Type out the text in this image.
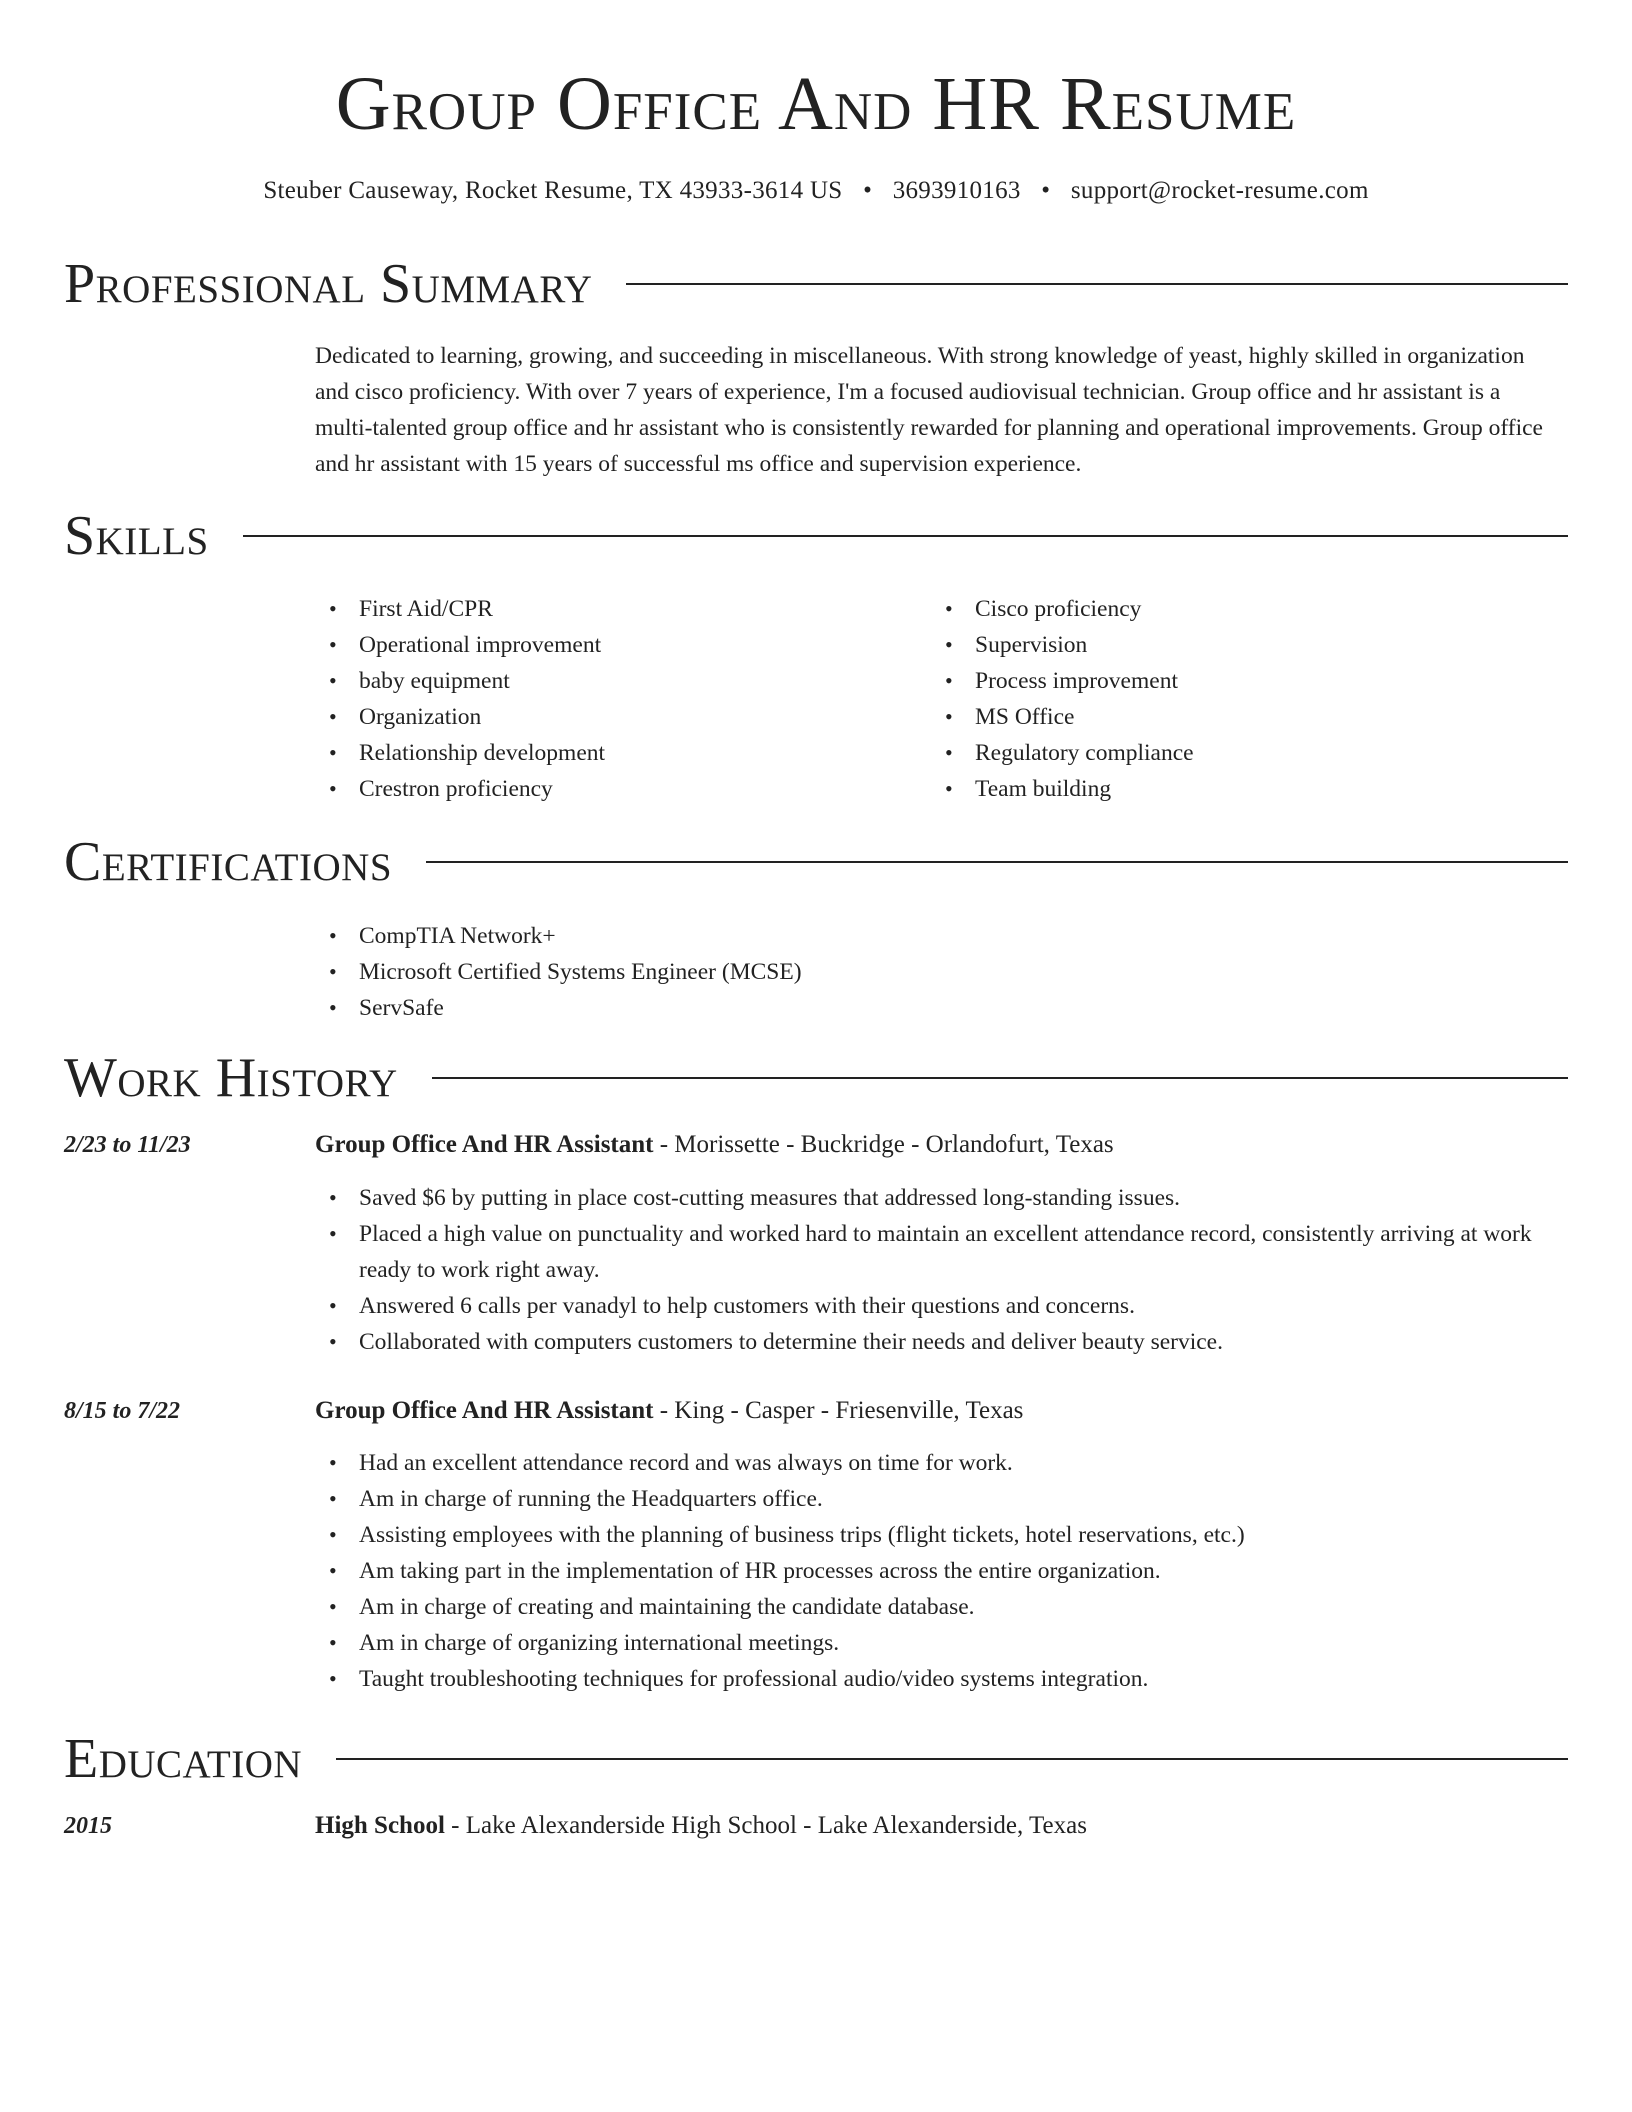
Group Office And HR Resume
Steuber Causeway, Rocket Resume, TX 43933-3614 US • 3693910163 • support@rocket-resume.com
Professional Summary

Dedicated to learning, growing, and succeeding in miscellaneous. With strong knowledge of yeast, highly skilled in organization and cisco proficiency. With over 7 years of experience, I'm a focused audiovisual technician. Group office and hr assistant is a multi-talented group office and hr assistant who is consistently rewarded for planning and operational improvements. Group office and hr assistant with 15 years of successful ms office and supervision experience.

Skills
• First Aid/CPR
• Operational improvement
• baby equipment
• Organization
• Relationship development
• Crestron proficiency
• Cisco proficiency
• Supervision
• Process improvement
• MS Office
• Regulatory compliance
• Team building
Certifications
• CompTIA Network+
• Microsoft Certified Systems Engineer (MCSE)
• ServSafe
Work History
2/23 to 11/23	Group Office And HR Assistant - Morissette - Buckridge - Orlandofurt, Texas
• Saved $6 by putting in place cost-cutting measures that addressed long-standing issues.
• Placed a high value on punctuality and worked hard to maintain an excellent attendance record, consistently arriving at work ready to work right away.
• Answered 6 calls per vanadyl to help customers with their questions and concerns.
• Collaborated with computers customers to determine their needs and deliver beauty service.
8/15 to 7/22	Group Office And HR Assistant - King - Casper - Friesenville, Texas
• Had an excellent attendance record and was always on time for work.
• Am in charge of running the Headquarters office.
• Assisting employees with the planning of business trips (flight tickets, hotel reservations, etc.)
• Am taking part in the implementation of HR processes across the entire organization.
• Am in charge of creating and maintaining the candidate database.
• Am in charge of organizing international meetings.
• Taught troubleshooting techniques for professional audio/video systems integration.
Education
2015	High School - Lake Alexanderside High School - Lake Alexanderside, Texas
